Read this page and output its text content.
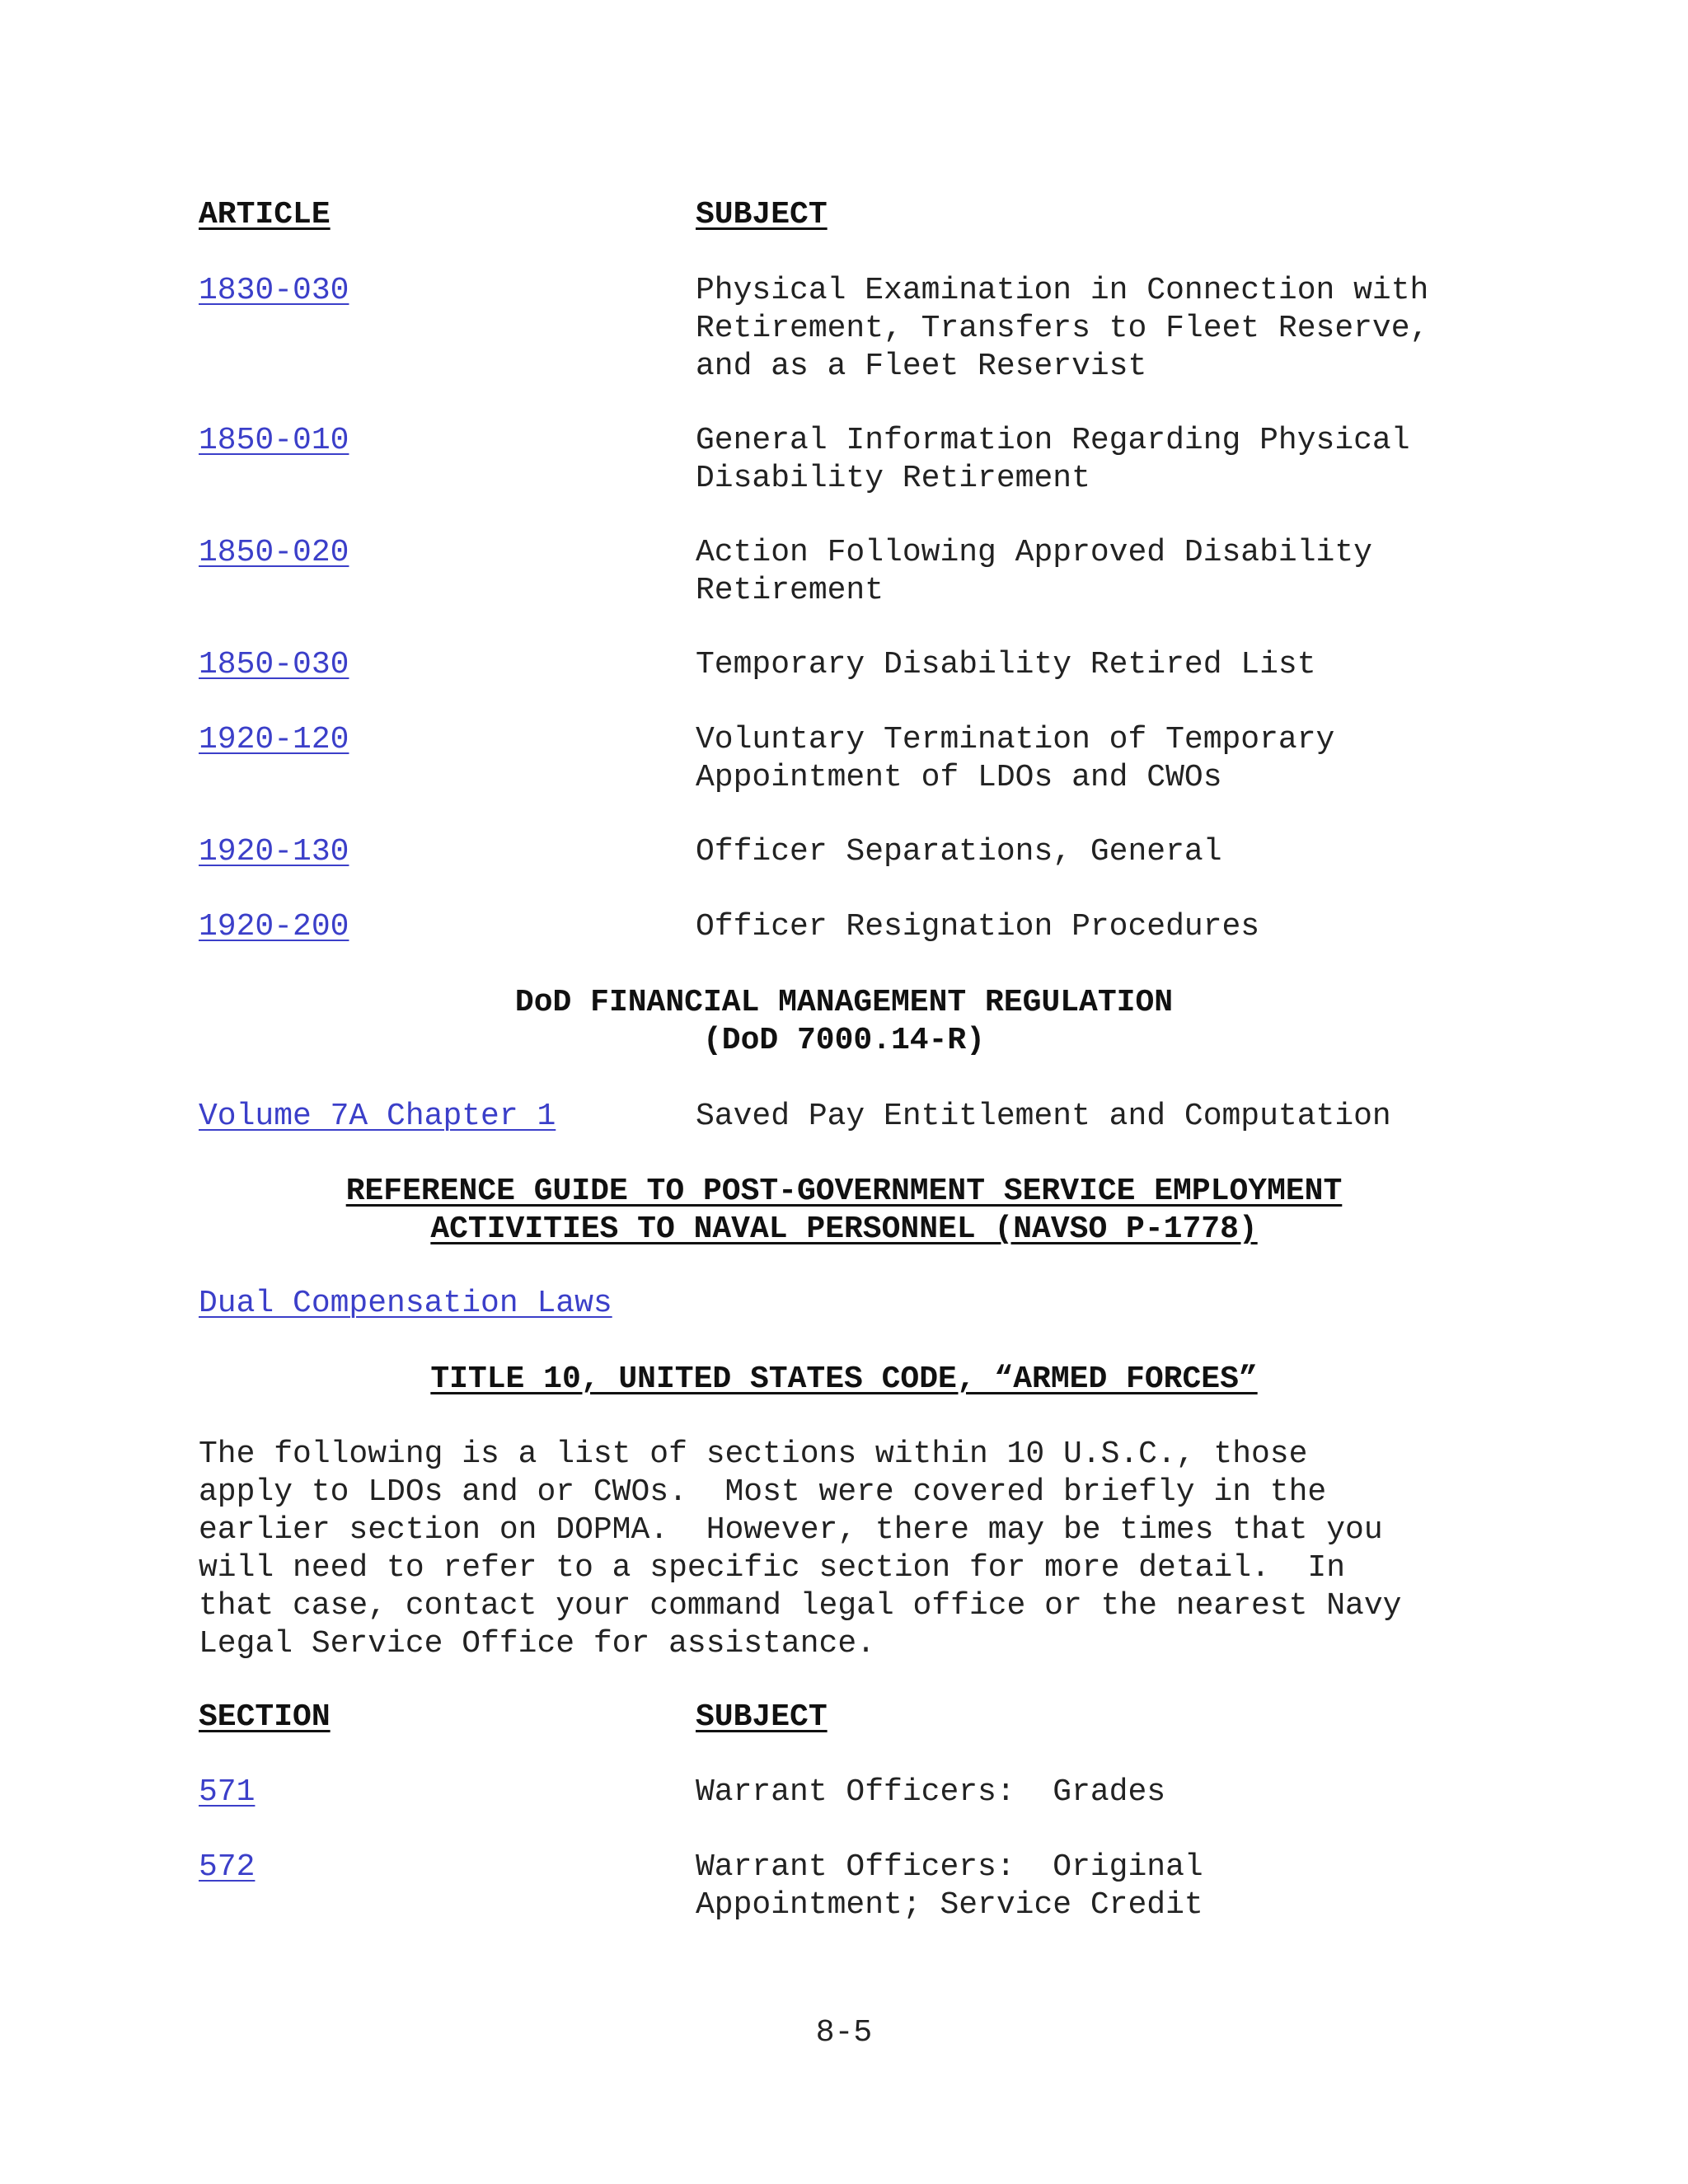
ARTICLE	SUBJECT
1830-030	Physical Examination in Connection with
Retirement, Transfers to Fleet Reserve,
and as a Fleet Reservist
1850-010	General Information Regarding Physical
Disability Retirement
1850-020	Action Following Approved Disability
Retirement
1850-030	Temporary Disability Retired List
1920-120	Voluntary Termination of Temporary
Appointment of LDOs and CWOs
1920-130	Officer Separations, General
1920-200	Officer Resignation Procedures
DoD FINANCIAL MANAGEMENT REGULATION
(DoD 7000.14-R)
Volume 7A Chapter 1	Saved Pay Entitlement and Computation
REFERENCE GUIDE TO POST-GOVERNMENT SERVICE EMPLOYMENT
ACTIVITIES TO NAVAL PERSONNEL (NAVSO P-1778)
Dual Compensation Laws
TITLE 10, UNITED STATES CODE, “ARMED FORCES”
The following is a list of sections within 10 U.S.C., those
apply to LDOs and or CWOs.  Most were covered briefly in the
earlier section on DOPMA.  However, there may be times that you
will need to refer to a specific section for more detail.  In
that case, contact your command legal office or the nearest Navy
Legal Service Office for assistance.
SECTION	SUBJECT
571	Warrant Officers:  Grades
572	Warrant Officers:  Original
Appointment; Service Credit
8-5
